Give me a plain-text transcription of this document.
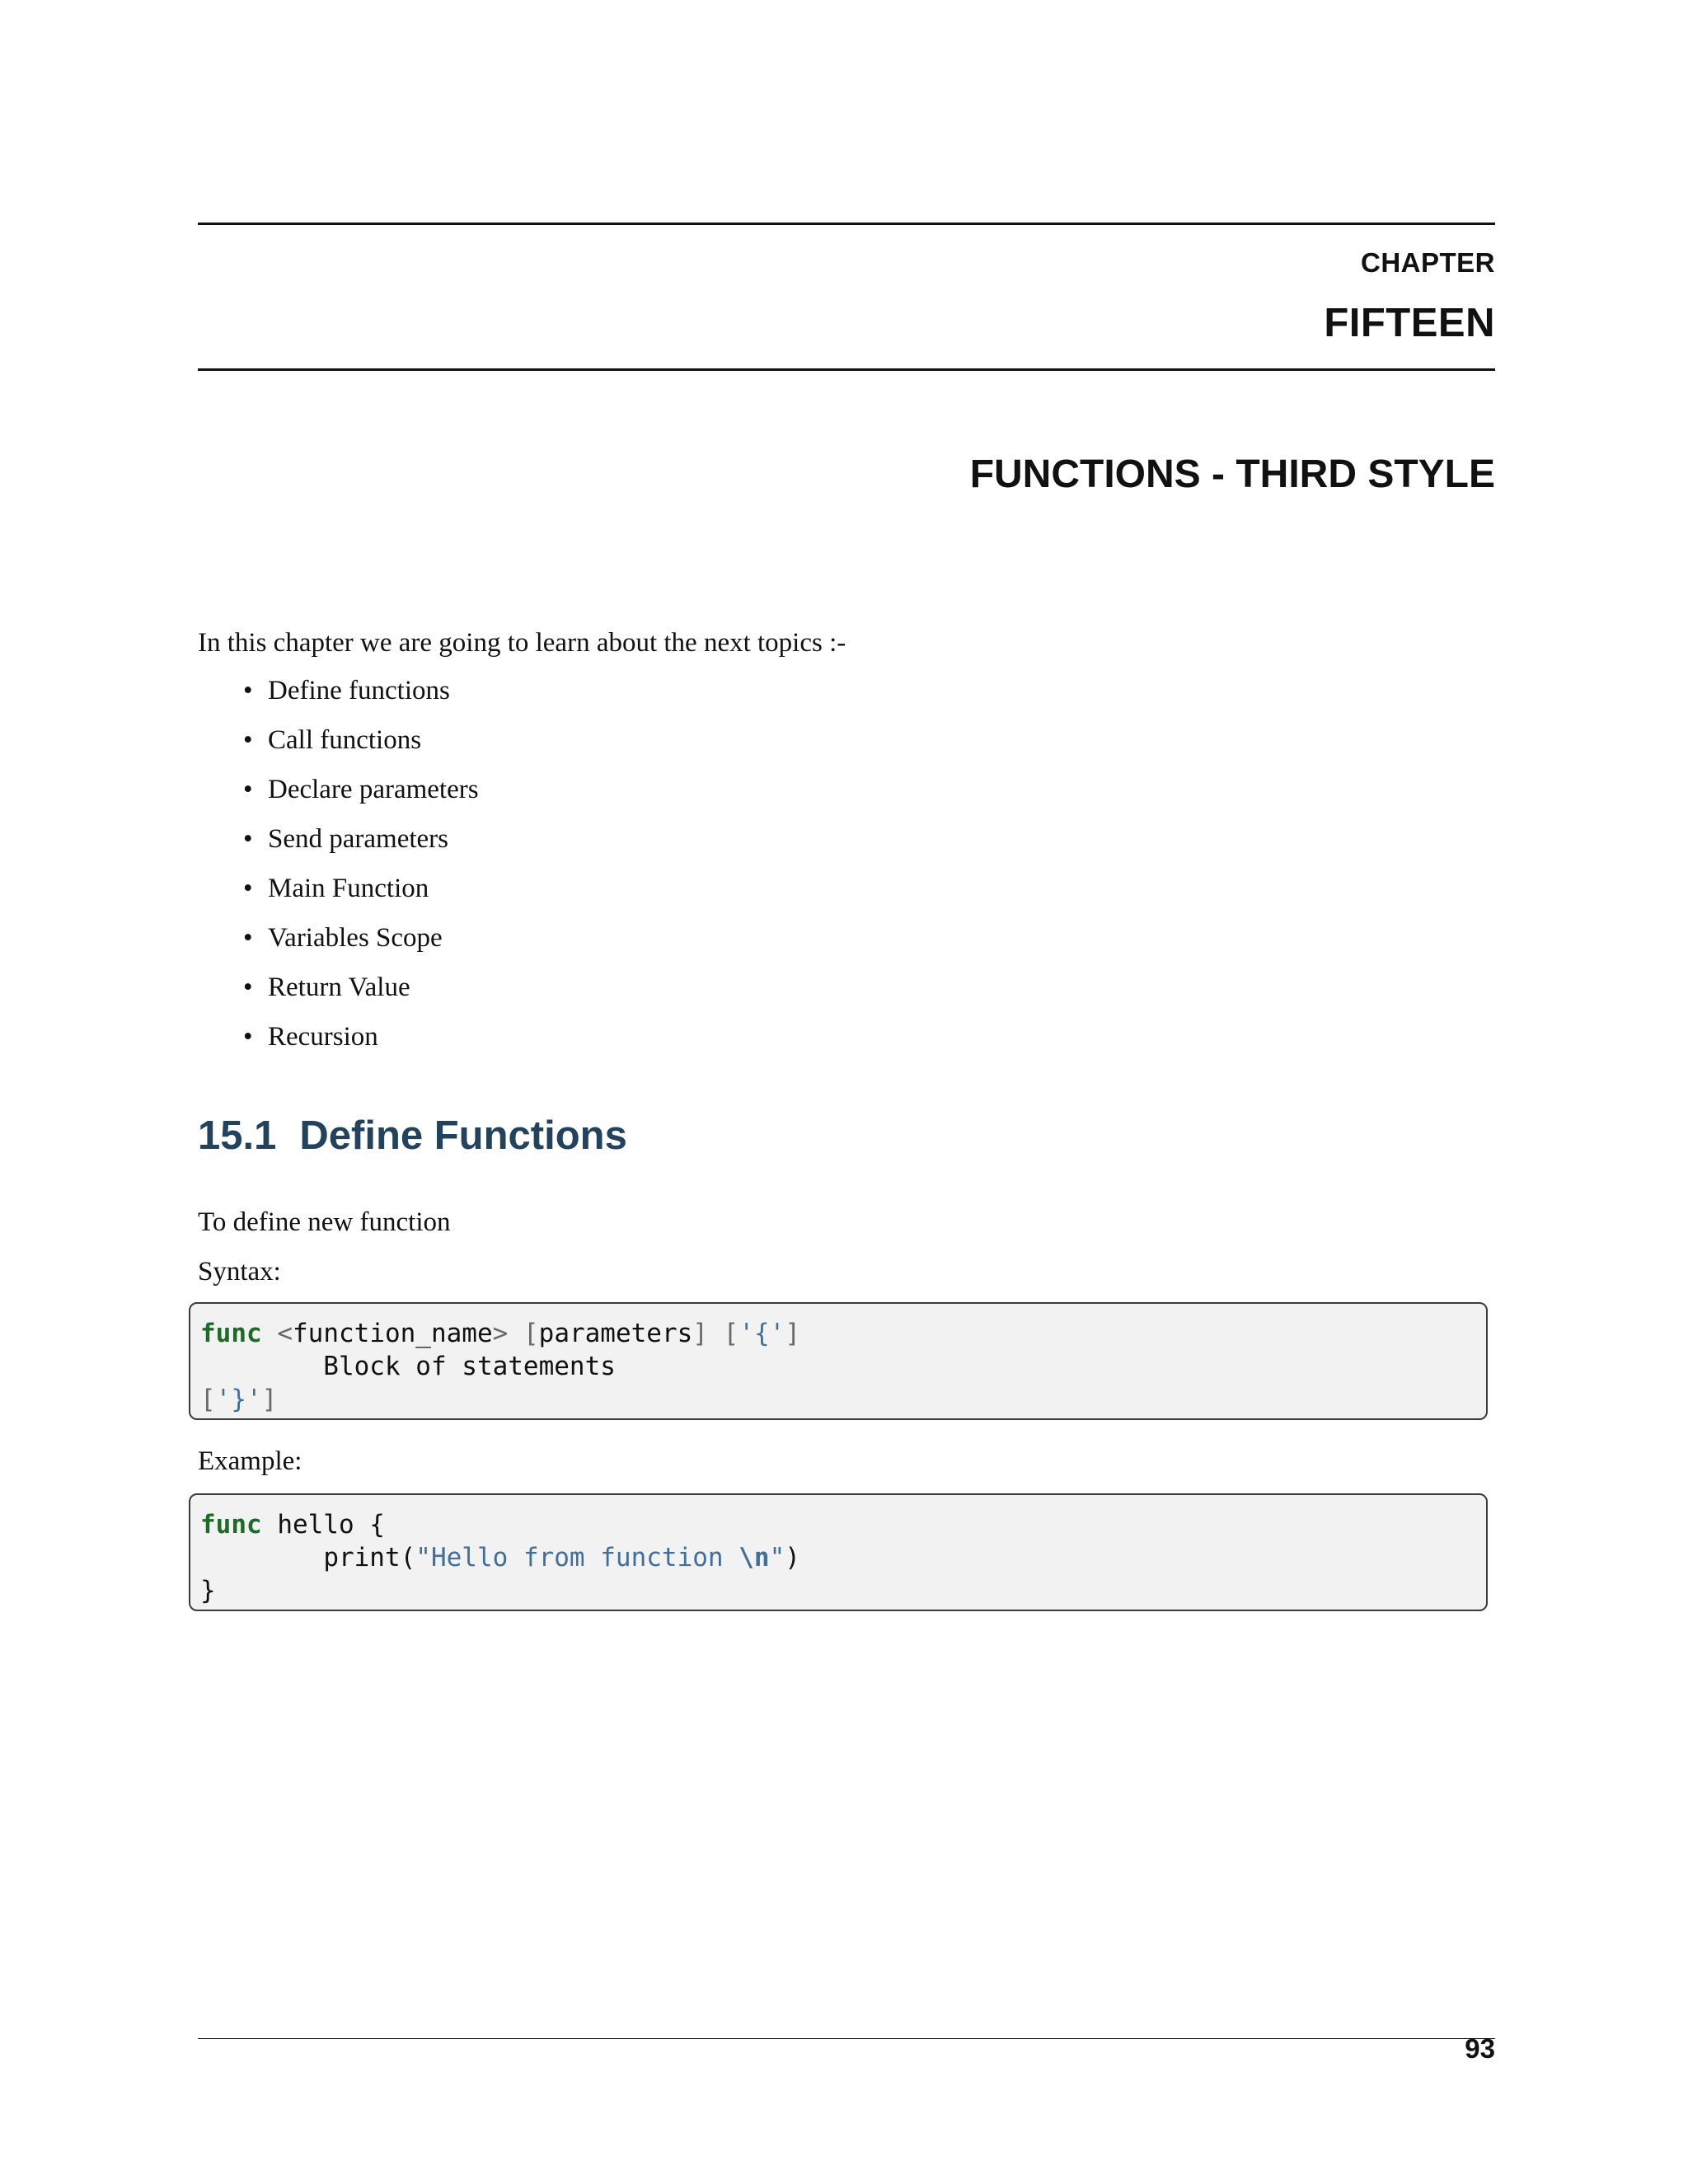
CHAPTER
FIFTEEN
FUNCTIONS - THIRD STYLE
In this chapter we are going to learn about the next topics :-
• Define functions
• Call functions
• Declare parameters
• Send parameters
• Main Function
• Variables Scope
• Return Value
• Recursion
15.1 Define Functions
To define new function
Syntax:
func <function_name> [parameters] ['{']
Block of statements
['}']
Example:
func hello {
print("Hello from function \n")
}
93
